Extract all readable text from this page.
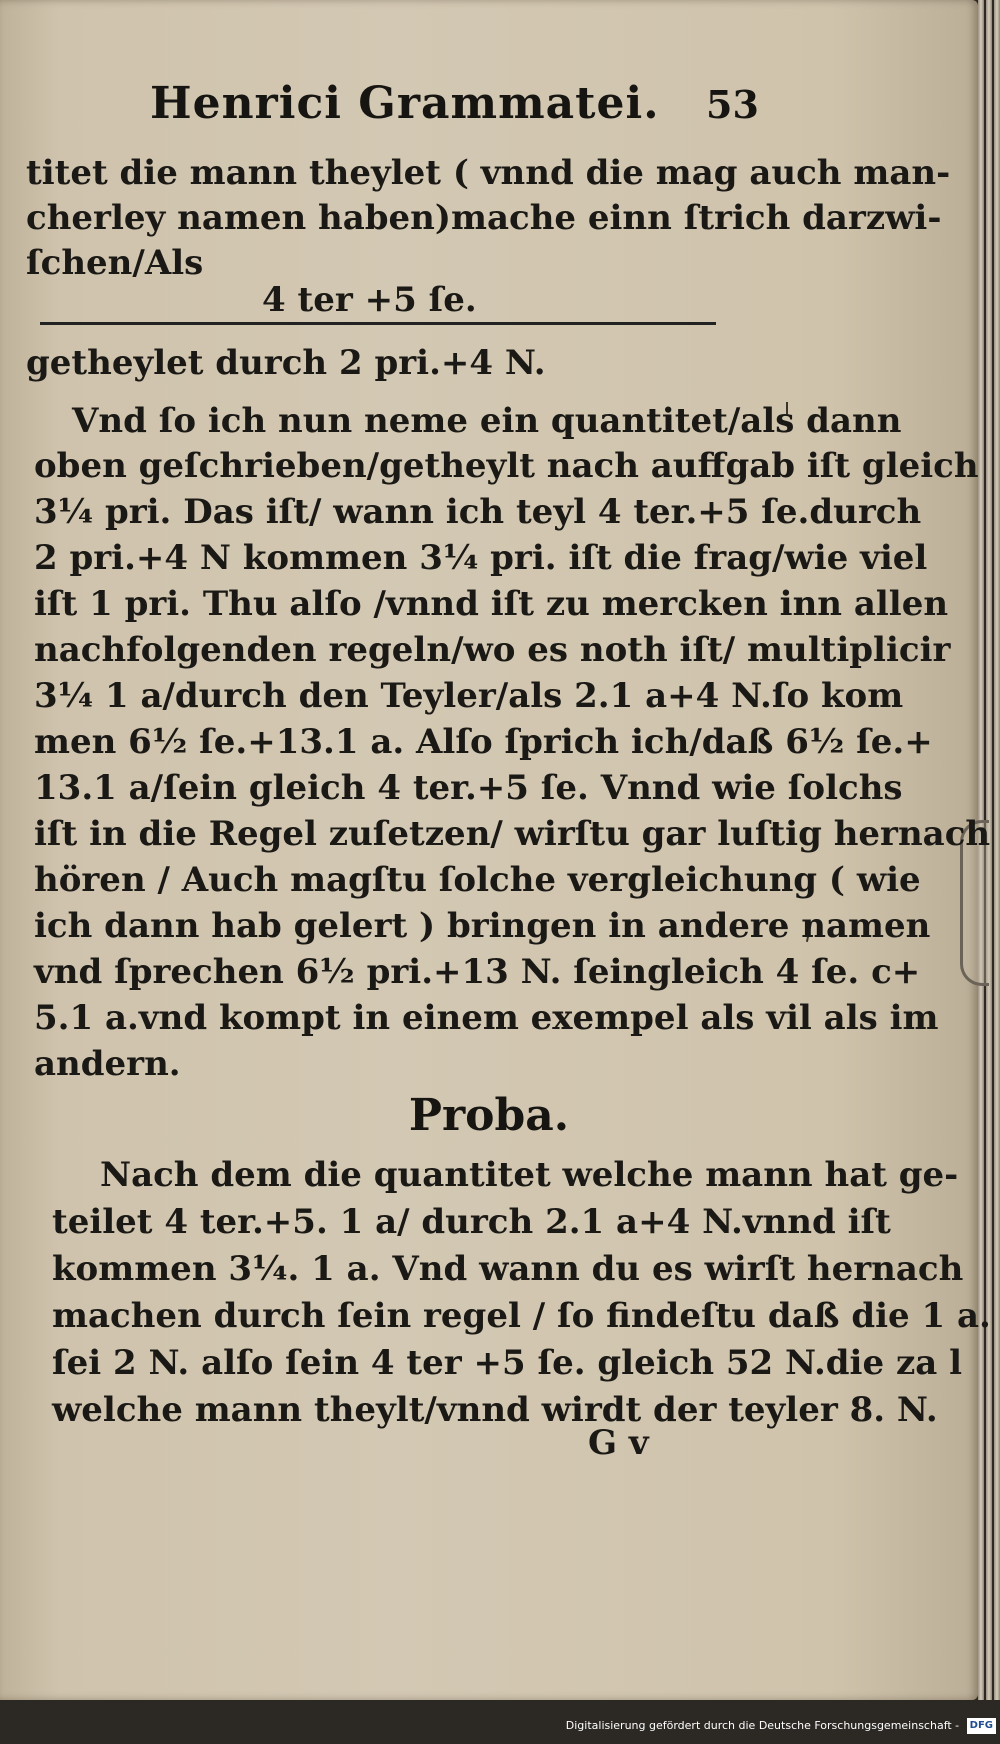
Henrici Grammatei. 53
titet die mann theylet ( vnnd die mag auch man-
cherley namen haben)mache einn ſtrich darzwi-
ſchen/Als
4 ter +5 ſe.
getheylet durch 2 pri.+4 N.
Vnd ſo ich nun neme ein quantitet/als dann
oben geſchrieben/getheylt nach auffgab iſt gleich
3¼ pri. Das iſt/ wann ich teyl 4 ter.+5 ſe.durch
2 pri.+4 N kommen 3¼ pri. iſt die frag/wie viel
iſt 1 pri. Thu alſo /vnnd iſt zu mercken inn allen
nachfolgenden regeln/wo es noth iſt/ multiplicir
3¼ 1 a/durch den Teyler/als 2.1 a+4 N.ſo kom
men 6½ ſe.+13.1 a. Alſo ſprich ich/daß 6½ ſe.+
13.1 a/ſein gleich 4 ter.+5 ſe. Vnnd wie ſolchs
iſt in die Regel zuſetzen/ wirſtu gar luſtig hernach
hören / Auch magſtu ſolche vergleichung ( wie
ich dann hab gelert ) bringen in andere namen
vnd ſprechen 6½ pri.+13 N. ſeingleich 4 ſe. c+
5.1 a.vnd kompt in einem exempel als vil als im
andern.
Proba.
Nach dem die quantitet welche mann hat ge-
teilet 4 ter.+5. 1 a/ durch 2.1 a+4 N.vnnd iſt
kommen 3¼. 1 a. Vnd wann du es wirſt hernach
machen durch ſein regel / ſo findeſtu daß die 1 a.
ſei 2 N. alſo ſein 4 ter +5 ſe. gleich 52 N.die za l
welche mann theylt/vnnd wirdt der teyler 8. N.
G v
Digitalisierung gefördert durch die Deutsche Forschungsgemeinschaft - DFG
